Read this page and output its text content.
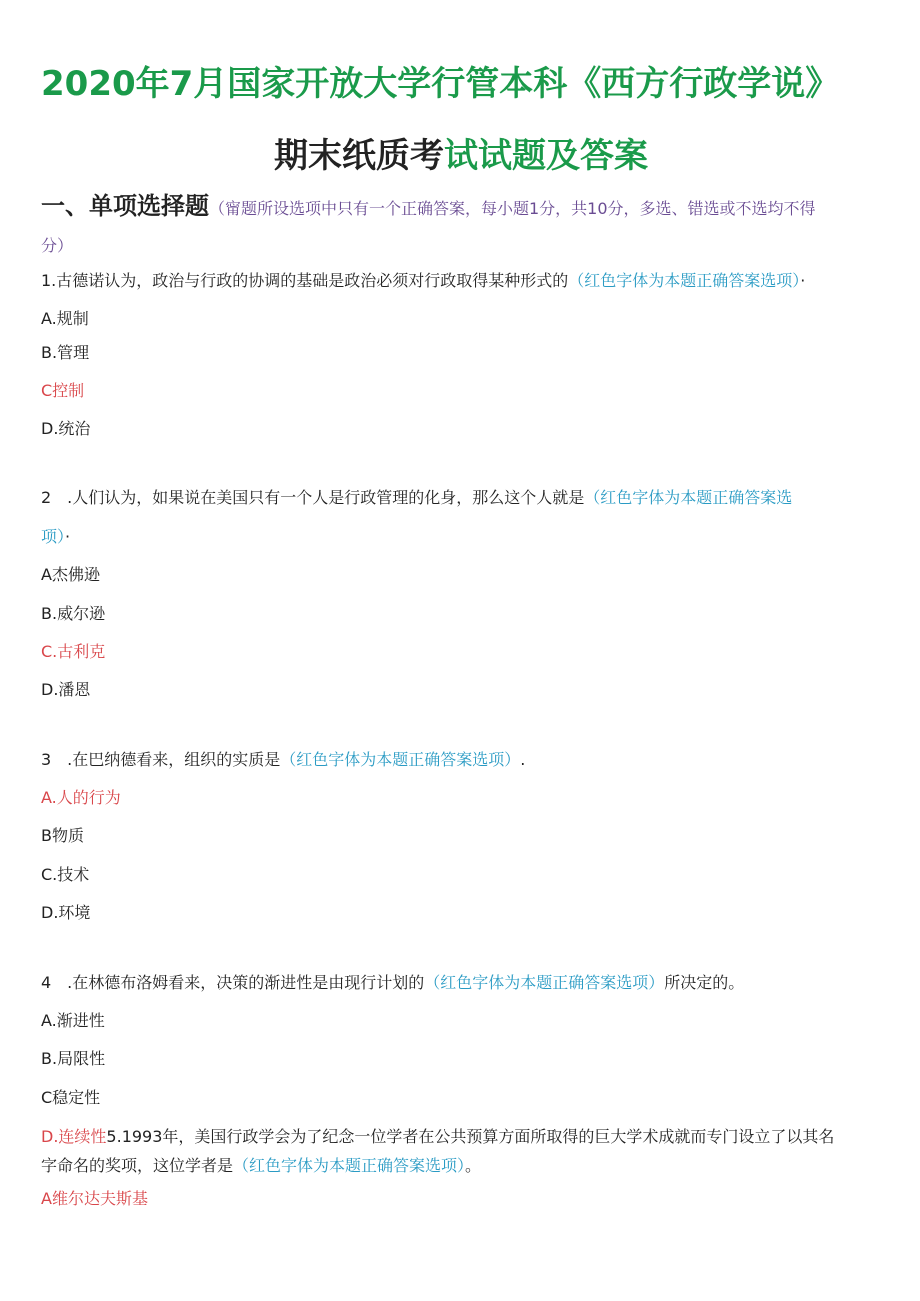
2020年7月国家开放大学行管本科《西方行政学说》
期末纸质考试试题及答案
一、单项选择题（甯题所设选项中只有一个正确答案，每小题1分，共10分，多选、错选或不选均不得
分）
1.古德诺认为，政治与行政的协调的基础是政治必须对行政取得某种形式的（红色字体为本题正确答案选项）·
A.规制
B.管理
C控制
D.统治
2　.人们认为，如果说在美国只有一个人是行政管理的化身，那么这个人就是（红色字体为本题正确答案选
项）·
A杰佛逊
B.威尔逊
C.古利克
D.潘恩
3　.在巴纳德看来，组织的实质是（红色字体为本题正确答案选项）.
A.人的行为
B物质
C.技术
D.环境
4　.在林德布洛姆看来，决策的渐进性是由现行计划的（红色字体为本题正确答案选项）所决定的。
A.渐进性
B.局限性
C稳定性
D.连续性5.1993年，美国行政学会为了纪念一位学者在公共预算方面所取得的巨大学术成就而专门设立了以其名
字命名的奖项，这位学者是（红色字体为本题正确答案选项）。
A维尔达夫斯基
